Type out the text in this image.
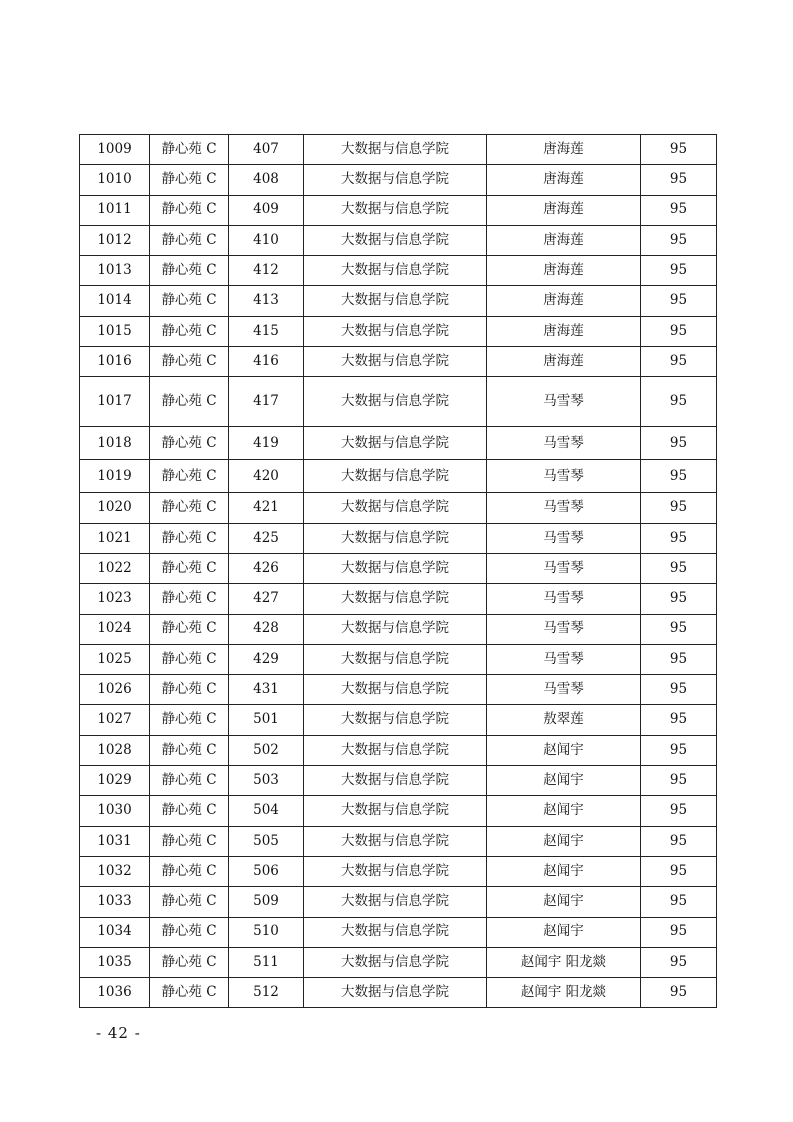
1009	静心苑 C	407	大数据与信息学院	唐海莲	95
1010	静心苑 C	408	大数据与信息学院	唐海莲	95
1011	静心苑 C	409	大数据与信息学院	唐海莲	95
1012	静心苑 C	410	大数据与信息学院	唐海莲	95
1013	静心苑 C	412	大数据与信息学院	唐海莲	95
1014	静心苑 C	413	大数据与信息学院	唐海莲	95
1015	静心苑 C	415	大数据与信息学院	唐海莲	95
1016	静心苑 C	416	大数据与信息学院	唐海莲	95
1017	静心苑 C	417	大数据与信息学院	马雪琴	95
1018	静心苑 C	419	大数据与信息学院	马雪琴	95
1019	静心苑 C	420	大数据与信息学院	马雪琴	95
1020	静心苑 C	421	大数据与信息学院	马雪琴	95
1021	静心苑 C	425	大数据与信息学院	马雪琴	95
1022	静心苑 C	426	大数据与信息学院	马雪琴	95
1023	静心苑 C	427	大数据与信息学院	马雪琴	95
1024	静心苑 C	428	大数据与信息学院	马雪琴	95
1025	静心苑 C	429	大数据与信息学院	马雪琴	95
1026	静心苑 C	431	大数据与信息学院	马雪琴	95
1027	静心苑 C	501	大数据与信息学院	敖翠莲	95
1028	静心苑 C	502	大数据与信息学院	赵闻宇	95
1029	静心苑 C	503	大数据与信息学院	赵闻宇	95
1030	静心苑 C	504	大数据与信息学院	赵闻宇	95
1031	静心苑 C	505	大数据与信息学院	赵闻宇	95
1032	静心苑 C	506	大数据与信息学院	赵闻宇	95
1033	静心苑 C	509	大数据与信息学院	赵闻宇	95
1034	静心苑 C	510	大数据与信息学院	赵闻宇	95
1035	静心苑 C	511	大数据与信息学院	赵闻宇 阳龙燚	95
1036	静心苑 C	512	大数据与信息学院	赵闻宇 阳龙燚	95
- 42 -
